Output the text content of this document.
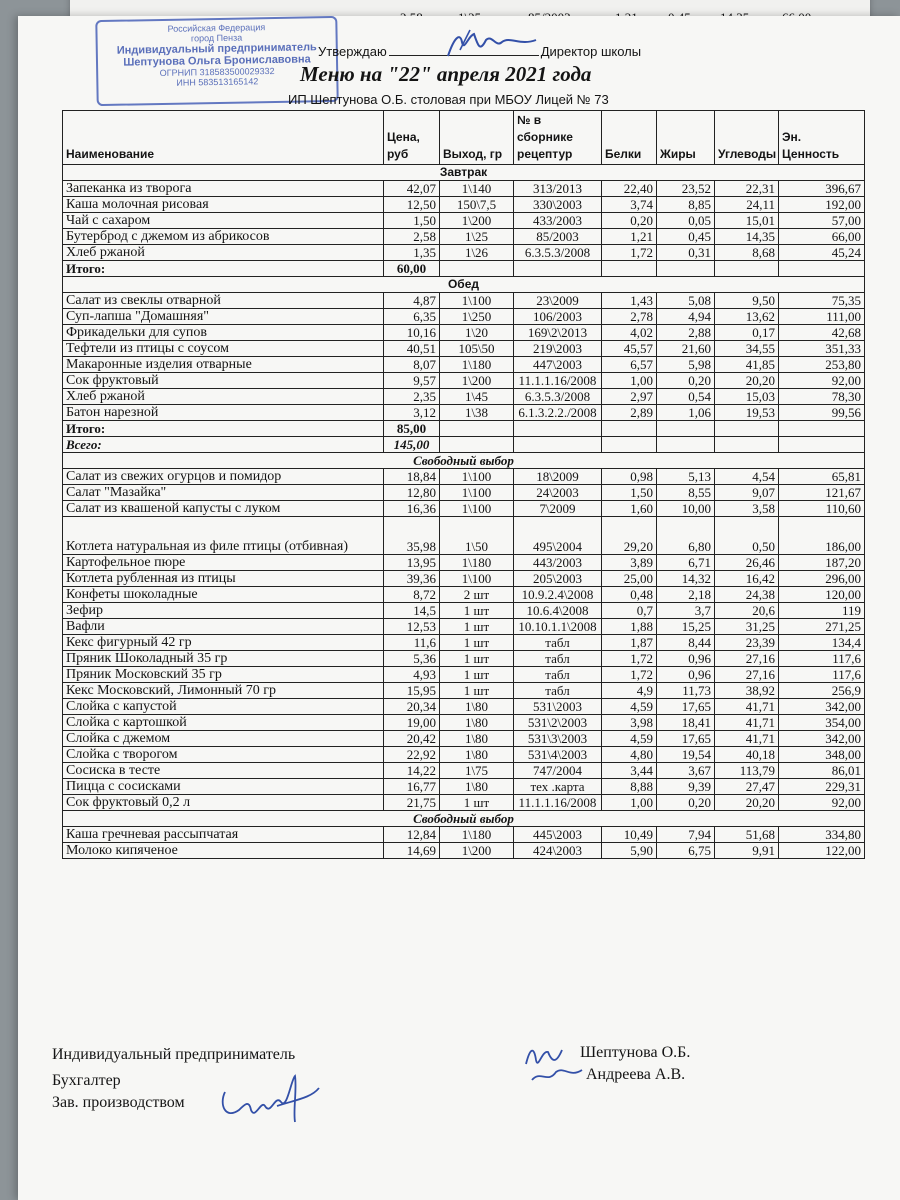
Российская Федерация
город Пенза
Индивидуальный предприниматель
Шептунова Ольга Брониславовна
ОГРНИП 318583500029332
ИНН 583513165142
Утверждаю	Директор школы
Меню на "22" апреля 2021 года
ИП Шептунова О.Б. столовая при МБОУ Лицей № 73
Наименование	Цена, руб	Выход, гр	№ в сборнике рецептур	Белки	Жиры	Углеводы	Эн. Ценность
Завтрак							
Запеканка из творога	42,07	1\140	313/2013	22,40	23,52	22,31	396,67
Каша молочная рисовая	12,50	150\7,5	330\2003	3,74	8,85	24,11	192,00
Чай с сахаром	1,50	1\200	433/2003	0,20	0,05	15,01	57,00
Бутерброд с джемом из абрикосов	2,58	1\25	85/2003	1,21	0,45	14,35	66,00
Хлеб ржаной	1,35	1\26	6.3.5.3/2008	1,72	0,31	8,68	45,24
Итого:	60,00						
Обед							
Салат из свеклы отварной	4,87	1\100	23\2009	1,43	5,08	9,50	75,35
Суп-лапша "Домашняя"	6,35	1\250	106/2003	2,78	4,94	13,62	111,00
Фрикадельки для супов	10,16	1\20	169\2\2013	4,02	2,88	0,17	42,68
Тефтели из птицы с соусом	40,51	105\50	219\2003	45,57	21,60	34,55	351,33
Макаронные изделия отварные	8,07	1\180	447\2003	6,57	5,98	41,85	253,80
Сок фруктовый	9,57	1\200	11.1.1.16/2008	1,00	0,20	20,20	92,00
Хлеб ржаной	2,35	1\45	6.3.5.3/2008	2,97	0,54	15,03	78,30
Батон нарезной	3,12	1\38	6.1.3.2.2./2008	2,89	1,06	19,53	99,56
Итого:	85,00						
Всего:	145,00						
Свободный выбор							
Салат из свежих огурцов и помидор	18,84	1\100	18\2009	0,98	5,13	4,54	65,81
Салат "Мазайка"	12,80	1\100	24\2003	1,50	8,55	9,07	121,67
Салат из квашеной капусты с луком	16,36	1\100	7\2009	1,60	10,00	3,58	110,60
Котлета натуральная из филе птицы (отбивная)	35,98	1\50	495\2004	29,20	6,80	0,50	186,00
Картофельное пюре	13,95	1\180	443/2003	3,89	6,71	26,46	187,20
Котлета рубленная из птицы	39,36	1\100	205\2003	25,00	14,32	16,42	296,00
Конфеты шоколадные	8,72	2 шт	10.9.2.4\2008	0,48	2,18	24,38	120,00
Зефир	14,5	1 шт	10.6.4\2008	0,7	3,7	20,6	119
Вафли	12,53	1 шт	10.10.1.1\2008	1,88	15,25	31,25	271,25
Кекс фигурный 42 гр	11,6	1 шт	табл	1,87	8,44	23,39	134,4
Пряник Шоколадный 35 гр	5,36	1 шт	табл	1,72	0,96	27,16	117,6
Пряник Московский 35 гр	4,93	1 шт	табл	1,72	0,96	27,16	117,6
Кекс Московский, Лимонный 70 гр	15,95	1 шт	табл	4,9	11,73	38,92	256,9
Слойка с капустой	20,34	1\80	531\2003	4,59	17,65	41,71	342,00
Слойка с картошкой	19,00	1\80	531\2\2003	3,98	18,41	41,71	354,00
Слойка с джемом	20,42	1\80	531\3\2003	4,59	17,65	41,71	342,00
Слойка с творогом	22,92	1\80	531\4\2003	4,80	19,54	40,18	348,00
Сосиска в тесте	14,22	1\75	747/2004	3,44	3,67	113,79	86,01
Пицца с сосисками	16,77	1\80	тех .карта	8,88	9,39	27,47	229,31
Сок фруктовый 0,2 л	21,75	1 шт	11.1.1.16/2008	1,00	0,20	20,20	92,00
Свободный выбор							
Каша гречневая рассыпчатая	12,84	1\180	445\2003	10,49	7,94	51,68	334,80
Молоко кипяченое	14,69	1\200	424\2003	5,90	6,75	9,91	122,00
Индивидуальный предприниматель
Бухгалтер
Зав. производством
Шептунова О.Б.
Андреева А.В.
